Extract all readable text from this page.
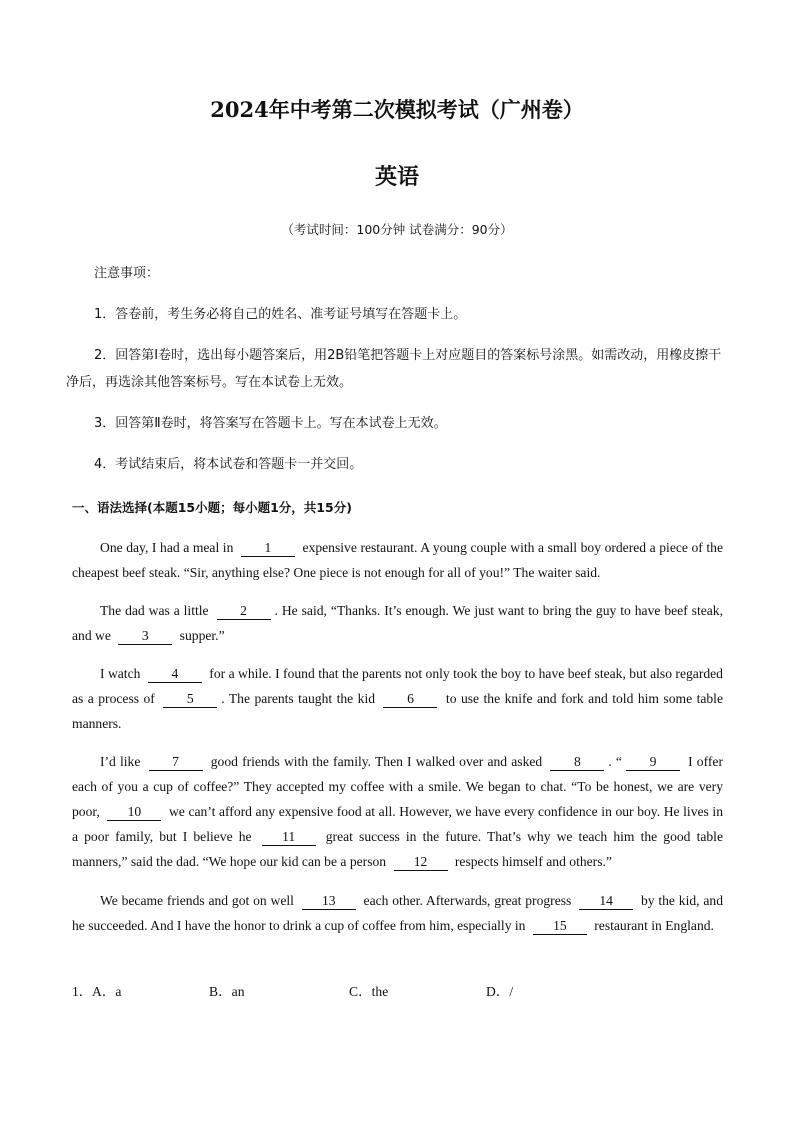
2024年中考第二次模拟考试（广州卷）
英语
（考试时间：100分钟 试卷满分：90分）
注意事项：
1．答卷前，考生务必将自己的姓名、准考证号填写在答题卡上。
2．回答第Ⅰ卷时，选出每小题答案后，用2B铅笔把答题卡上对应题目的答案标号涂黑。如需改动，用橡皮擦干净后，再选涂其他答案标号。写在本试卷上无效。
3．回答第Ⅱ卷时，将答案写在答题卡上。写在本试卷上无效。
4．考试结束后，将本试卷和答题卡一并交回。
一、语法选择(本题15小题；每小题1分，共15分)
One day, I had a meal in 1 expensive restaurant. A young couple with a small boy ordered a piece of the cheapest beef steak. “Sir, anything else? One piece is not enough for all of you!” The waiter said.
The dad was a little 2 . He said, “Thanks. It’s enough. We just want to bring the guy to have beef steak, and we 3 supper.”
I watch 4 for a while. I found that the parents not only took the boy to have beef steak, but also regarded as a process of 5 . The parents taught the kid 6 to use the knife and fork and told him some table manners.
I’d like 7 good friends with the family. Then I walked over and asked 8 . “ 9 I offer each of you a cup of coffee?” They accepted my coffee with a smile. We began to chat. “To be honest, we are very poor, 10 we can’t afford any expensive food at all. However, we have every confidence in our boy. He lives in a poor family, but I believe he 11 great success in the future. That’s why we teach him the good table manners,” said the dad. “We hope our kid can be a person 12 respects himself and others.”
We became friends and got on well 13 each other. Afterwards, great progress 14 by the kid, and he succeeded. And I have the honor to drink a cup of coffee from him, especially in 15 restaurant in England.
1． A．a	B．an	C．the	D．/
